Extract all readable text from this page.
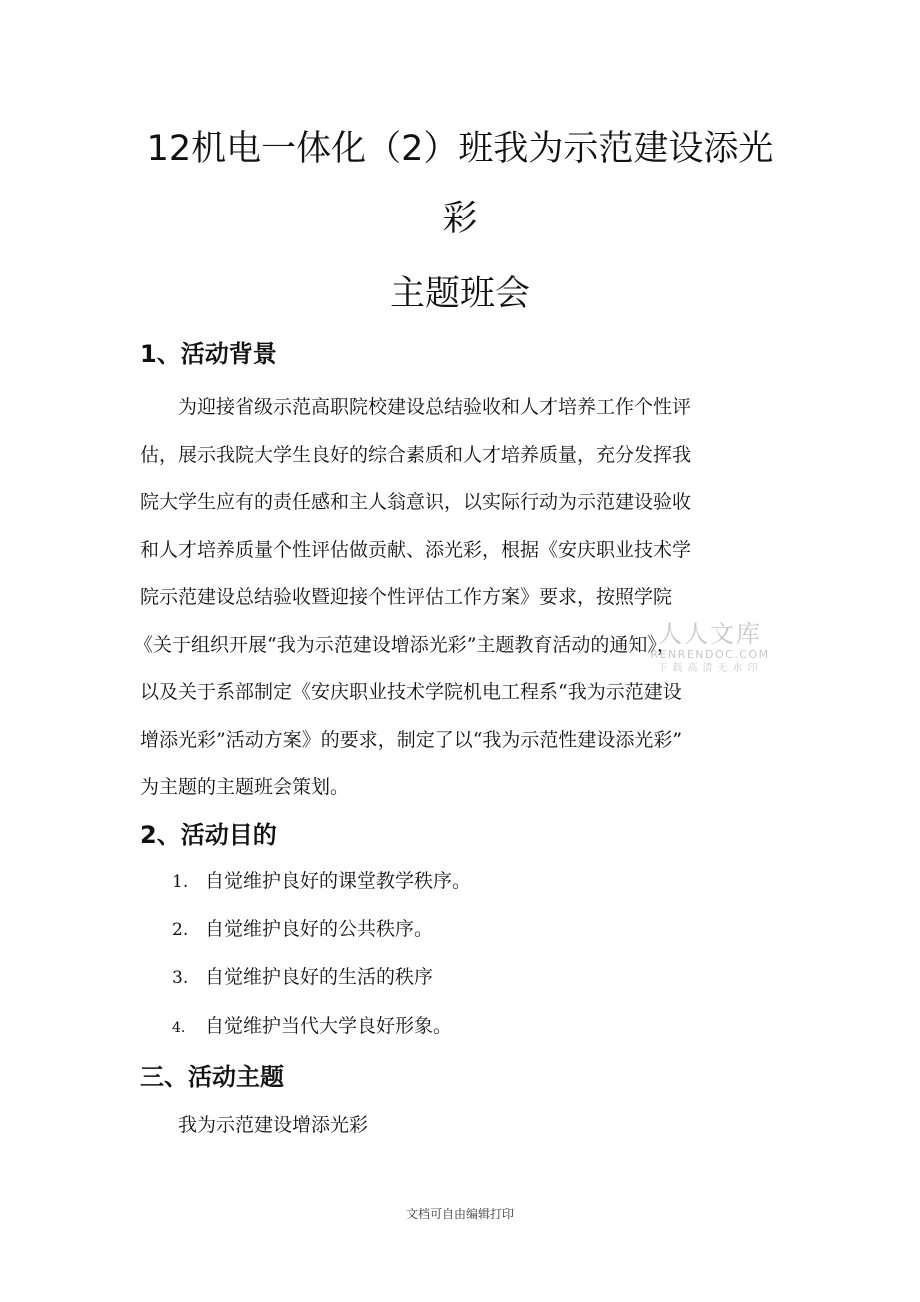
12机电一体化（2）班我为示范建设添光
彩
主题班会
1、活动背景
为迎接省级示范高职院校建设总结验收和人才培养工作个性评
估，展示我院大学生良好的综合素质和人才培养质量，充分发挥我
院大学生应有的责任感和主人翁意识，以实际行动为示范建设验收
和人才培养质量个性评估做贡献、添光彩，根据《安庆职业技术学
院示范建设总结验收暨迎接个性评估工作方案》要求，按照学院
《关于组织开展“我为示范建设增添光彩”主题教育活动的通知》，
以及关于系部制定《安庆职业技术学院机电工程系“我为示范建设
增添光彩”活动方案》的要求，制定了以“我为示范性建设添光彩”
为主题的主题班会策划。
人人文库
RENRENDOC.COM
下载高清无水印
2、活动目的
1. 自觉维护良好的课堂教学秩序。
2. 自觉维护良好的公共秩序。
3. 自觉维护良好的生活的秩序
4. 自觉维护当代大学良好形象。
三、活动主题
我为示范建设增添光彩
文档可自由编辑打印
